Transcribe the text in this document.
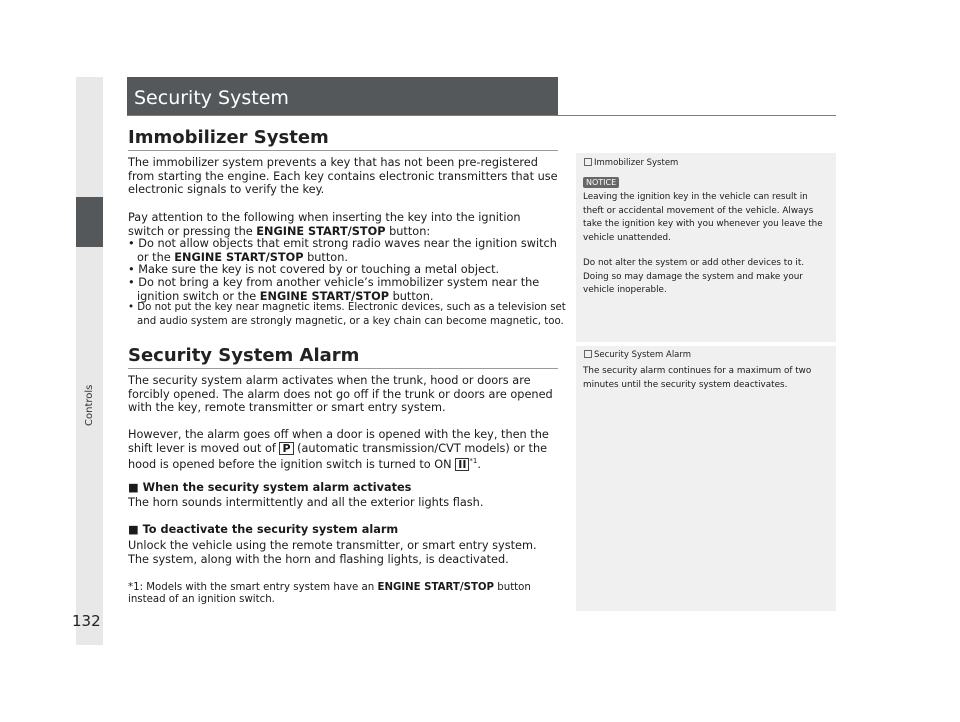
Controls
132
Security System
Immobilizer System

The immobilizer system prevents a key that has not been pre-registered from starting the engine. Each key contains electronic transmitters that use electronic signals to verify the key.

Pay attention to the following when inserting the key into the ignition switch or pressing the ENGINE START/STOP button:

• Do not allow objects that emit strong radio waves near the ignition switch or the ENGINE START/STOP button.

• Make sure the key is not covered by or touching a metal object.

• Do not bring a key from another vehicle’s immobilizer system near the ignition switch or the ENGINE START/STOP button.

• Do not put the key near magnetic items. Electronic devices, such as a television set and audio system are strongly magnetic, or a key chain can become magnetic, too.

Security System Alarm

The security system alarm activates when the trunk, hood or doors are forcibly opened. The alarm does not go off if the trunk or doors are opened with the key, remote transmitter or smart entry system.

However, the alarm goes off when a door is opened with the key, then the shift lever is moved out of P (automatic transmission/CVT models) or the hood is opened before the ignition switch is turned to ON II $^{*1}$.

■ When the security system alarm activates

The horn sounds intermittently and all the exterior lights flash.

■ To deactivate the security system alarm

Unlock the vehicle using the remote transmitter, or smart entry system. The system, along with the horn and flashing lights, is deactivated.

*1: Models with the smart entry system have an ENGINE START/STOP button instead of an ignition switch.

Immobilizer System
NOTICE

Leaving the ignition key in the vehicle can result in theft or accidental movement of the vehicle. Always take the ignition key with you whenever you leave the vehicle unattended.

Do not alter the system or add other devices to it. Doing so may damage the system and make your vehicle inoperable.

Security System Alarm

The security alarm continues for a maximum of two minutes until the security system deactivates.
